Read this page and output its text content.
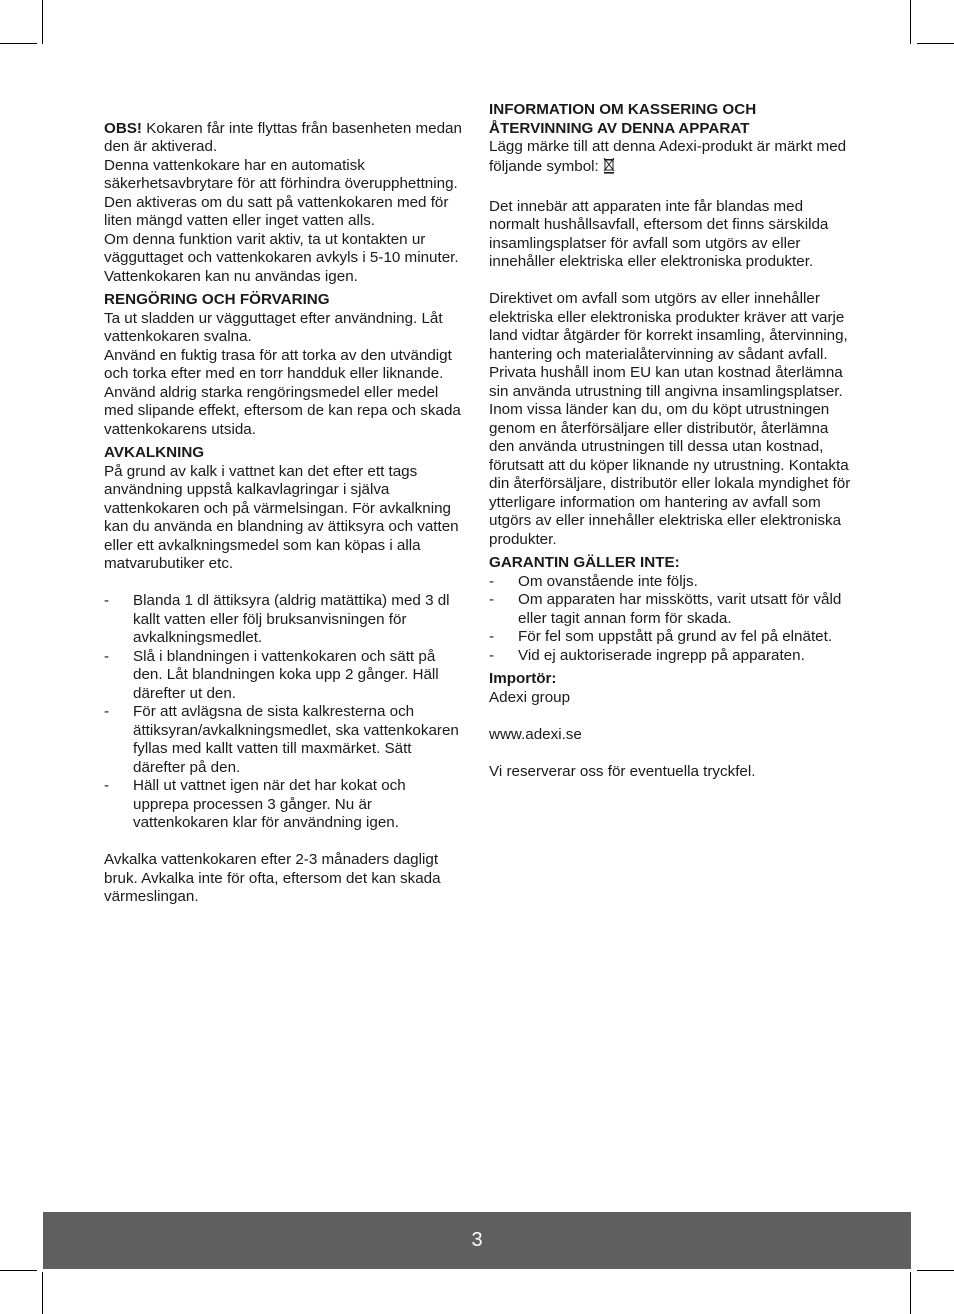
OBS! Kokaren får inte flyttas från basenheten medan den är aktiverad.

Denna vattenkokare har en automatisk säkerhetsavbrytare för att förhindra överupphettning. Den aktiveras om du satt på vattenkokaren med för liten mängd vatten eller inget vatten alls.

Om denna funktion varit aktiv, ta ut kontakten ur vägguttaget och vattenkokaren avkyls i 5-10 minuter. Vattenkokaren kan nu användas igen.

RENGÖRING OCH FÖRVARING

Ta ut sladden ur vägguttaget efter användning. Låt vattenkokaren svalna.

Använd en fuktig trasa för att torka av den utvändigt och torka efter med en torr handduk eller liknande.

Använd aldrig starka rengöringsmedel eller medel med slipande effekt, eftersom de kan repa och skada vattenkokarens utsida.

AVKALKNING

På grund av kalk i vattnet kan det efter ett tags användning uppstå kalkavlagringar i själva vattenkokaren och på värmelsingan. För avkalkning kan du använda en blandning av ättiksyra och vatten eller ett avkalkningsmedel som kan köpas i alla matvarubutiker etc.

- Blanda 1 dl ättiksyra (aldrig matättika) med 3 dl kallt vatten eller följ bruksanvisningen för avkalkningsmedlet.
- Slå i blandningen i vattenkokaren och sätt på den. Låt blandningen koka upp 2 gånger. Häll därefter ut den.
- För att avlägsna de sista kalkresterna och ättiksyran/avkalkningsmedlet, ska vattenkokaren fyllas med kallt vatten till maxmärket. Sätt därefter på den.
- Häll ut vattnet igen när det har kokat och upprepa processen 3 gånger. Nu är vattenkokaren klar för användning igen.

Avkalka vattenkokaren efter 2-3 månaders dagligt bruk. Avkalka inte för ofta, eftersom det kan skada värmeslingan.

INFORMATION OM KASSERING OCH ÅTERVINNING AV DENNA APPARAT

Lägg märke till att denna Adexi-produkt är märkt med följande symbol:

Det innebär att apparaten inte får blandas med normalt hushållsavfall, eftersom det finns särskilda insamlingsplatser för avfall som utgörs av eller innehåller elektriska eller elektroniska produkter.

Direktivet om avfall som utgörs av eller innehåller elektriska eller elektroniska produkter kräver att varje land vidtar åtgärder för korrekt insamling, återvinning, hantering och materialåtervinning av sådant avfall. Privata hushåll inom EU kan utan kostnad återlämna sin använda utrustning till angivna insamlingsplatser. Inom vissa länder kan du, om du köpt utrustningen genom en återförsäljare eller distributör, återlämna den använda utrustningen till dessa utan kostnad, förutsatt att du köper liknande ny utrustning. Kontakta din återförsäljare, distributör eller lokala myndighet för ytterligare information om hantering av avfall som utgörs av eller innehåller elektriska eller elektroniska produkter.

GARANTIN GÄLLER INTE:

- Om ovanstående inte följs.
- Om apparaten har misskötts, varit utsatt för våld eller tagit annan form för skada.
- För fel som uppstått på grund av fel på elnätet.
- Vid ej auktoriserade ingrepp på apparaten.

Importör:

Adexi group

www.adexi.se

Vi reserverar oss för eventuella tryckfel.

3
